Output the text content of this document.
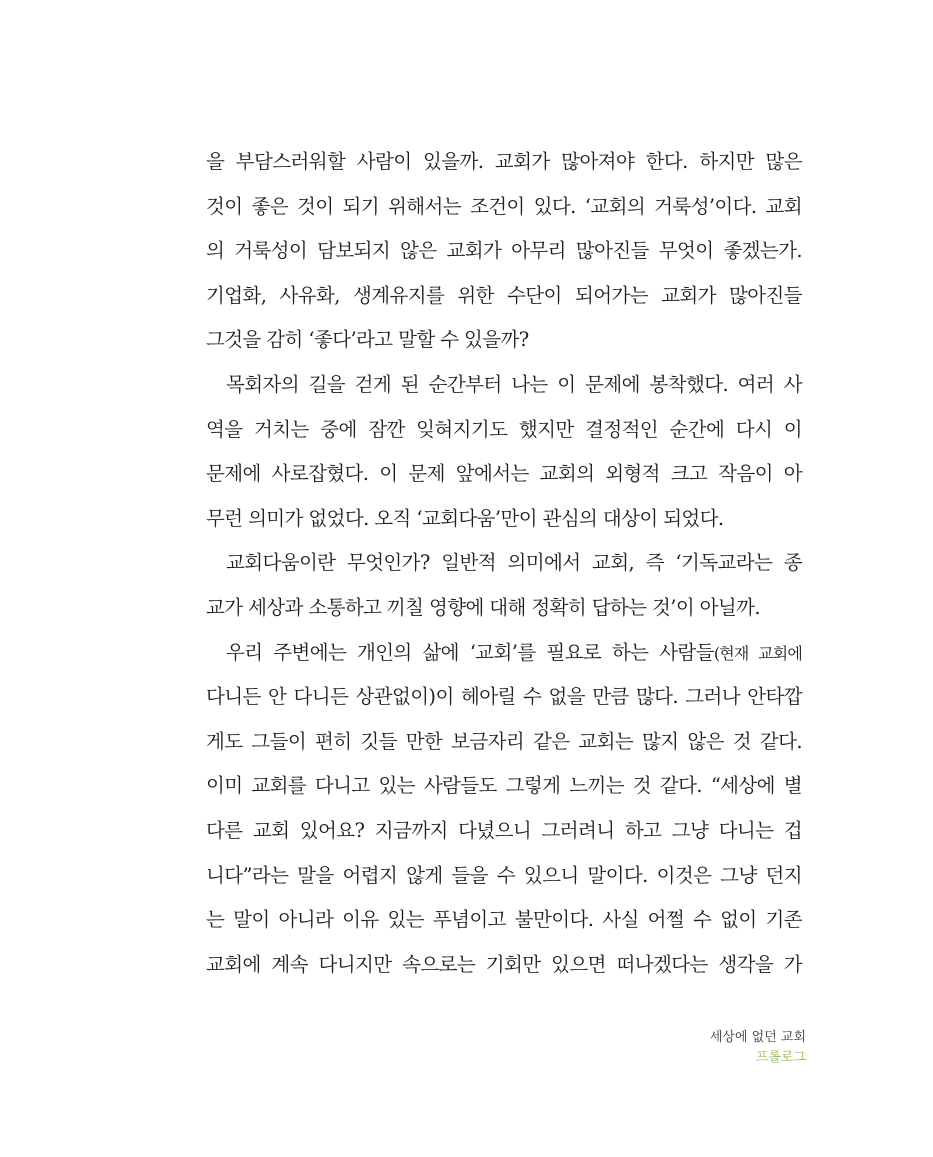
을 부담스러워할 사람이 있을까. 교회가 많아져야 한다. 하지만 많은
것이 좋은 것이 되기 위해서는 조건이 있다. ‘교회의 거룩성’이다. 교회
의 거룩성이 담보되지 않은 교회가 아무리 많아진들 무엇이 좋겠는가.
기업화, 사유화, 생계유지를 위한 수단이 되어가는 교회가 많아진들
그것을 감히 ‘좋다’라고 말할 수 있을까?
목회자의 길을 걷게 된 순간부터 나는 이 문제에 봉착했다. 여러 사
역을 거치는 중에 잠깐 잊혀지기도 했지만 결정적인 순간에 다시 이
문제에 사로잡혔다. 이 문제 앞에서는 교회의 외형적 크고 작음이 아
무런 의미가 없었다. 오직 ‘교회다움’만이 관심의 대상이 되었다.
교회다움이란 무엇인가? 일반적 의미에서 교회, 즉 ‘기독교라는 종
교가 세상과 소통하고 끼칠 영향에 대해 정확히 답하는 것’이 아닐까.
우리 주변에는 개인의 삶에 ‘교회’를 필요로 하는 사람들(현재 교회에
다니든 안 다니든 상관없이)이 헤아릴 수 없을 만큼 많다. 그러나 안타깝
게도 그들이 편히 깃들 만한 보금자리 같은 교회는 많지 않은 것 같다.
이미 교회를 다니고 있는 사람들도 그렇게 느끼는 것 같다. “세상에 별
다른 교회 있어요? 지금까지 다녔으니 그러려니 하고 그냥 다니는 겁
니다”라는 말을 어렵지 않게 들을 수 있으니 말이다. 이것은 그냥 던지
는 말이 아니라 이유 있는 푸념이고 불만이다. 사실 어쩔 수 없이 기존
교회에 계속 다니지만 속으로는 기회만 있으면 떠나겠다는 생각을 가
세상에 없던 교회
프롤로그
